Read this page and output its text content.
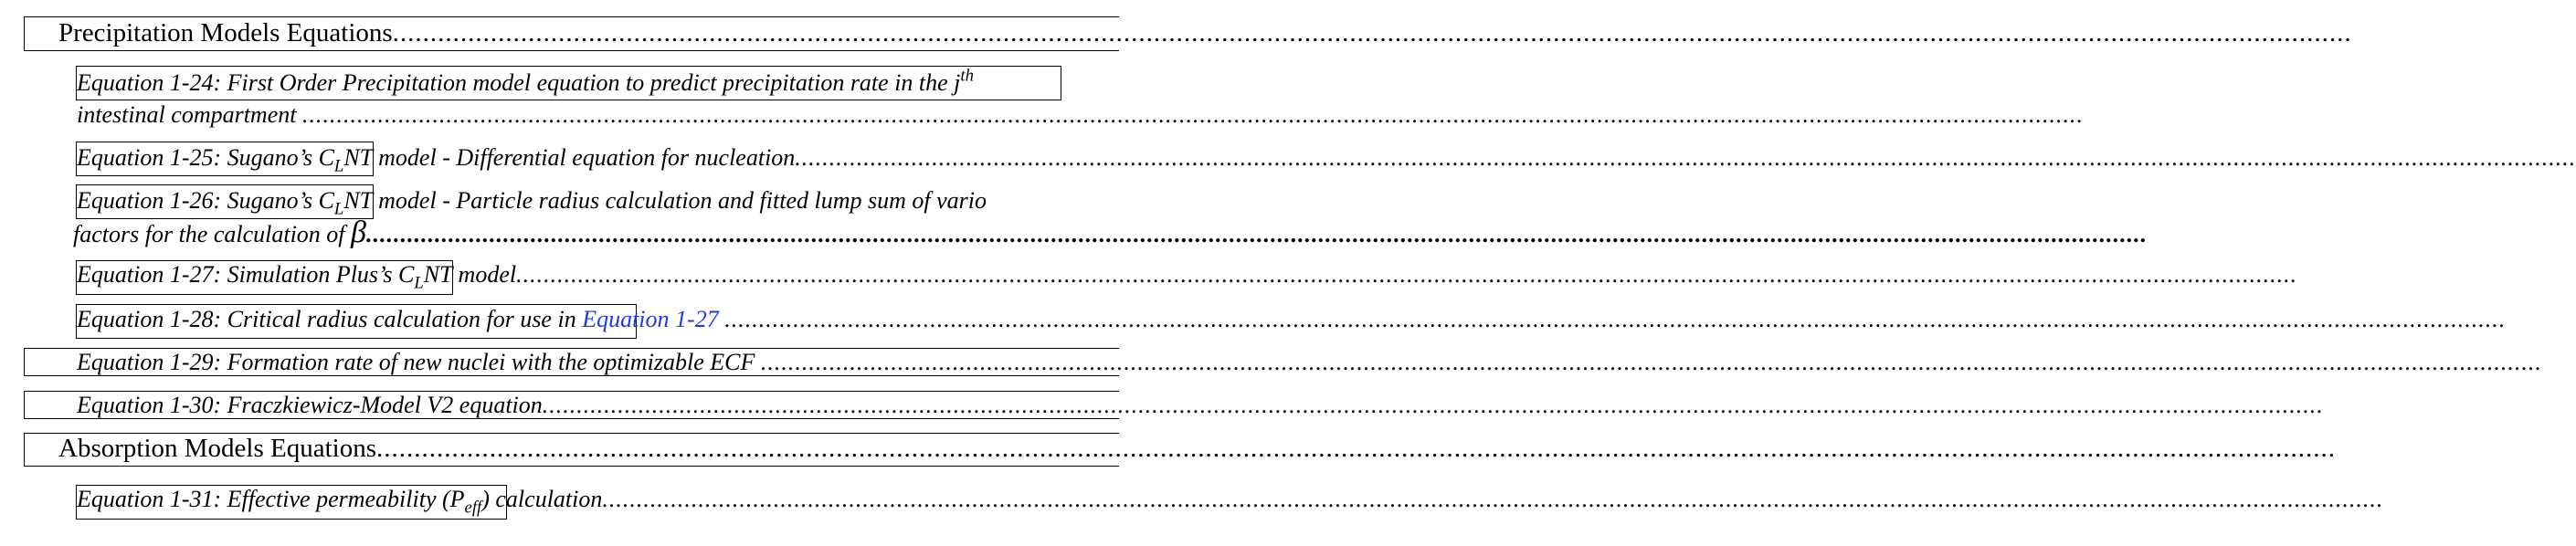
Precipitation Models Equations....................................................................................................................................................................................................................................................................
Equation 1-24: First Order Precipitation model equation to predict precipitation rate in the $j^{th}$
intestinal compartment ....................................................................................................................................................................................................................................................................
Equation 1-25: Sugano’s $C_LNT$ model - Differential equation for nucleation....................................................................................................................................................................................................................................................................
Equation 1-26: Sugano’s $C_LNT$ model - Particle radius calculation and fitted lump sum of vario
factors for the calculation of β....................................................................................................................................................................................................................................................................
Equation 1-27: Simulation Plus’s $C_LNT$ model....................................................................................................................................................................................................................................................................
Equation 1-28: Critical radius calculation for use in Equation 1-27 ....................................................................................................................................................................................................................................................................
Equation 1-29: Formation rate of new nuclei with the optimizable ECF ....................................................................................................................................................................................................................................................................
Equation 1-30: Fraczkiewicz-Model V2 equation....................................................................................................................................................................................................................................................................
Absorption Models Equations....................................................................................................................................................................................................................................................................
Equation 1-31: Effective permeability $(P_{eff})$ calculation....................................................................................................................................................................................................................................................................
